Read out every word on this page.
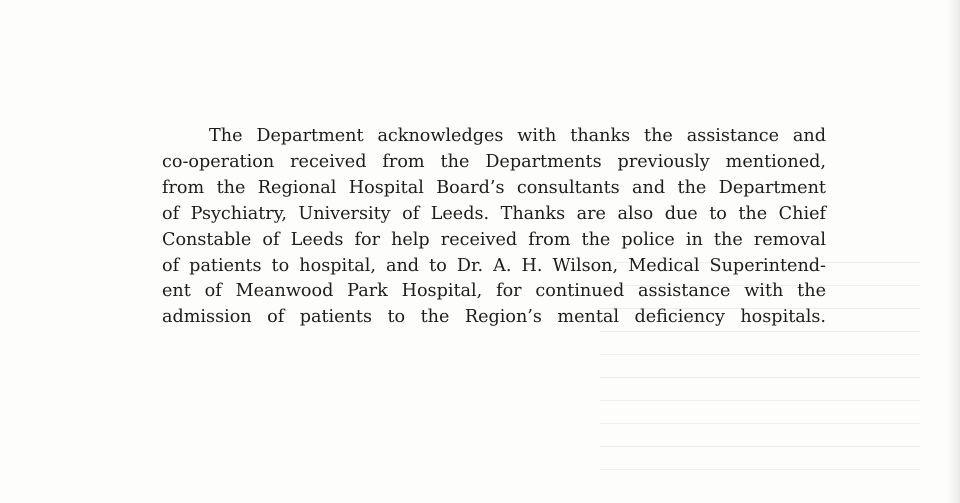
The Department acknowledges with thanks the assistance and
co-operation received from the Departments previously mentioned,
from the Regional Hospital Board’s consultants and the Department
of Psychiatry, University of Leeds. Thanks are also due to the Chief
Constable of Leeds for help received from the police in the removal
of patients to hospital, and to Dr. A. H. Wilson, Medical Superintend-
ent of Meanwood Park Hospital, for continued assistance with the
admission of patients to the Region’s mental deficiency hospitals.
